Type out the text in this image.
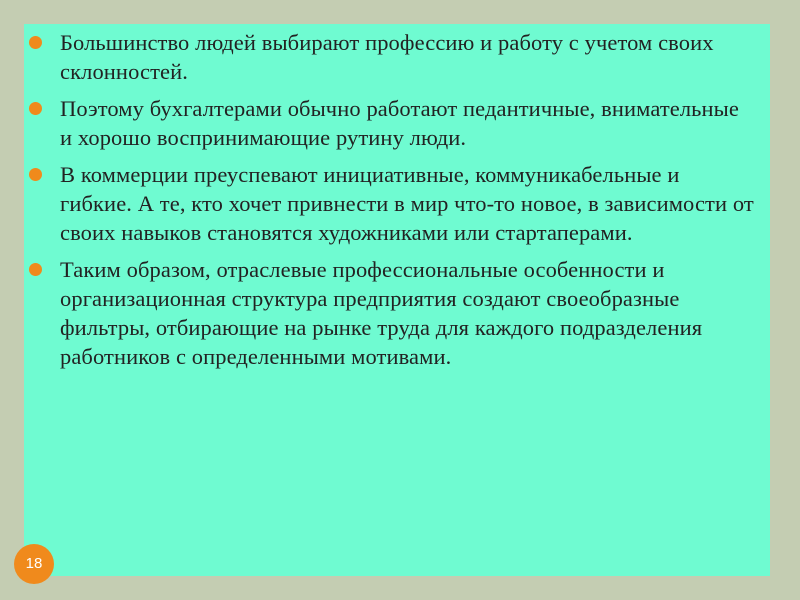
Большинство людей выбирают профессию и работу с учетом своих склонностей.
Поэтому бухгалтерами обычно работают педантичные, внимательные и хорошо воспринимающие рутину люди.
В коммерции преуспевают инициативные, коммуникабельные и гибкие. А те, кто хочет привнести в мир что-то новое, в зависимости от своих навыков становятся художниками или стартаперами.
Таким образом, отраслевые профессиональные особенности и организационная структура предприятия создают своеобразные фильтры, отбирающие на рынке труда для каждого подразделения работников с определенными мотивами.
18
